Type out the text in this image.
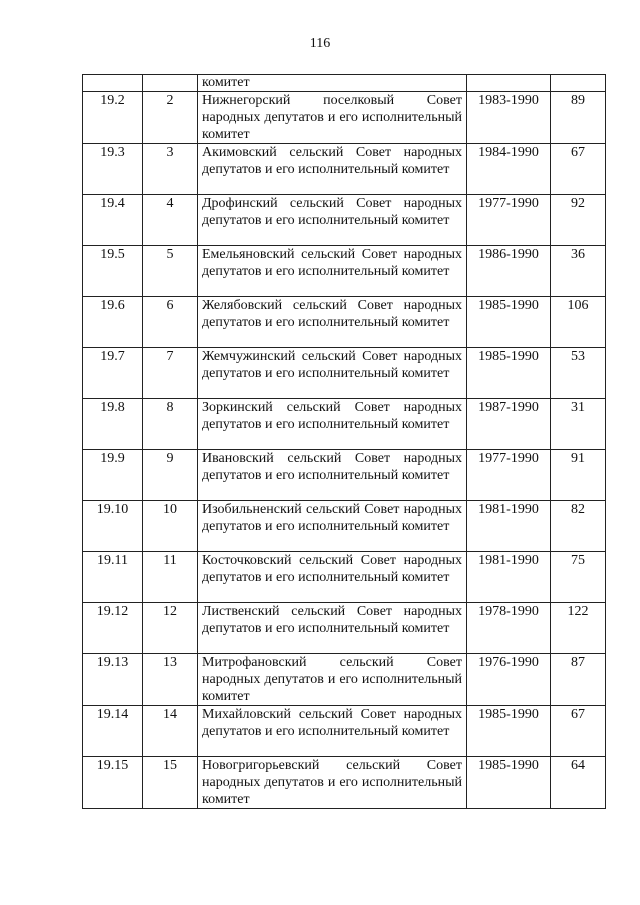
116
		комитет		
19.2	2	Нижнегорский поселковый Совет народных депутатов и его исполнительный комитет	1983-1990	89
19.3	3	Акимовский сельский Совет народных депутатов и его исполнительный комитет	1984-1990	67
19.4	4	Дрофинский сельский Совет народных депутатов и его исполнительный комитет	1977-1990	92
19.5	5	Емельяновский сельский Совет народных депутатов и его исполнительный комитет	1986-1990	36
19.6	6	Желябовский сельский Совет народных депутатов и его исполнительный комитет	1985-1990	106
19.7	7	Жемчужинский сельский Совет народных депутатов и его исполнительный комитет	1985-1990	53
19.8	8	Зоркинский сельский Совет народных депутатов и его исполнительный комитет	1987-1990	31
19.9	9	Ивановский сельский Совет народных депутатов и его исполнительный комитет	1977-1990	91
19.10	10	Изобильненский сельский Совет народных депутатов и его исполнительный комитет	1981-1990	82
19.11	11	Косточковский сельский Совет народных депутатов и его исполнительный комитет	1981-1990	75
19.12	12	Лиственский сельский Совет народных депутатов и его исполнительный комитет	1978-1990	122
19.13	13	Митрофановский сельский Совет народных депутатов и его исполнительный комитет	1976-1990	87
19.14	14	Михайловский сельский Совет народных депутатов и его исполнительный комитет	1985-1990	67
19.15	15	Новогригорьевский сельский Совет народных депутатов и его исполнительный комитет	1985-1990	64
